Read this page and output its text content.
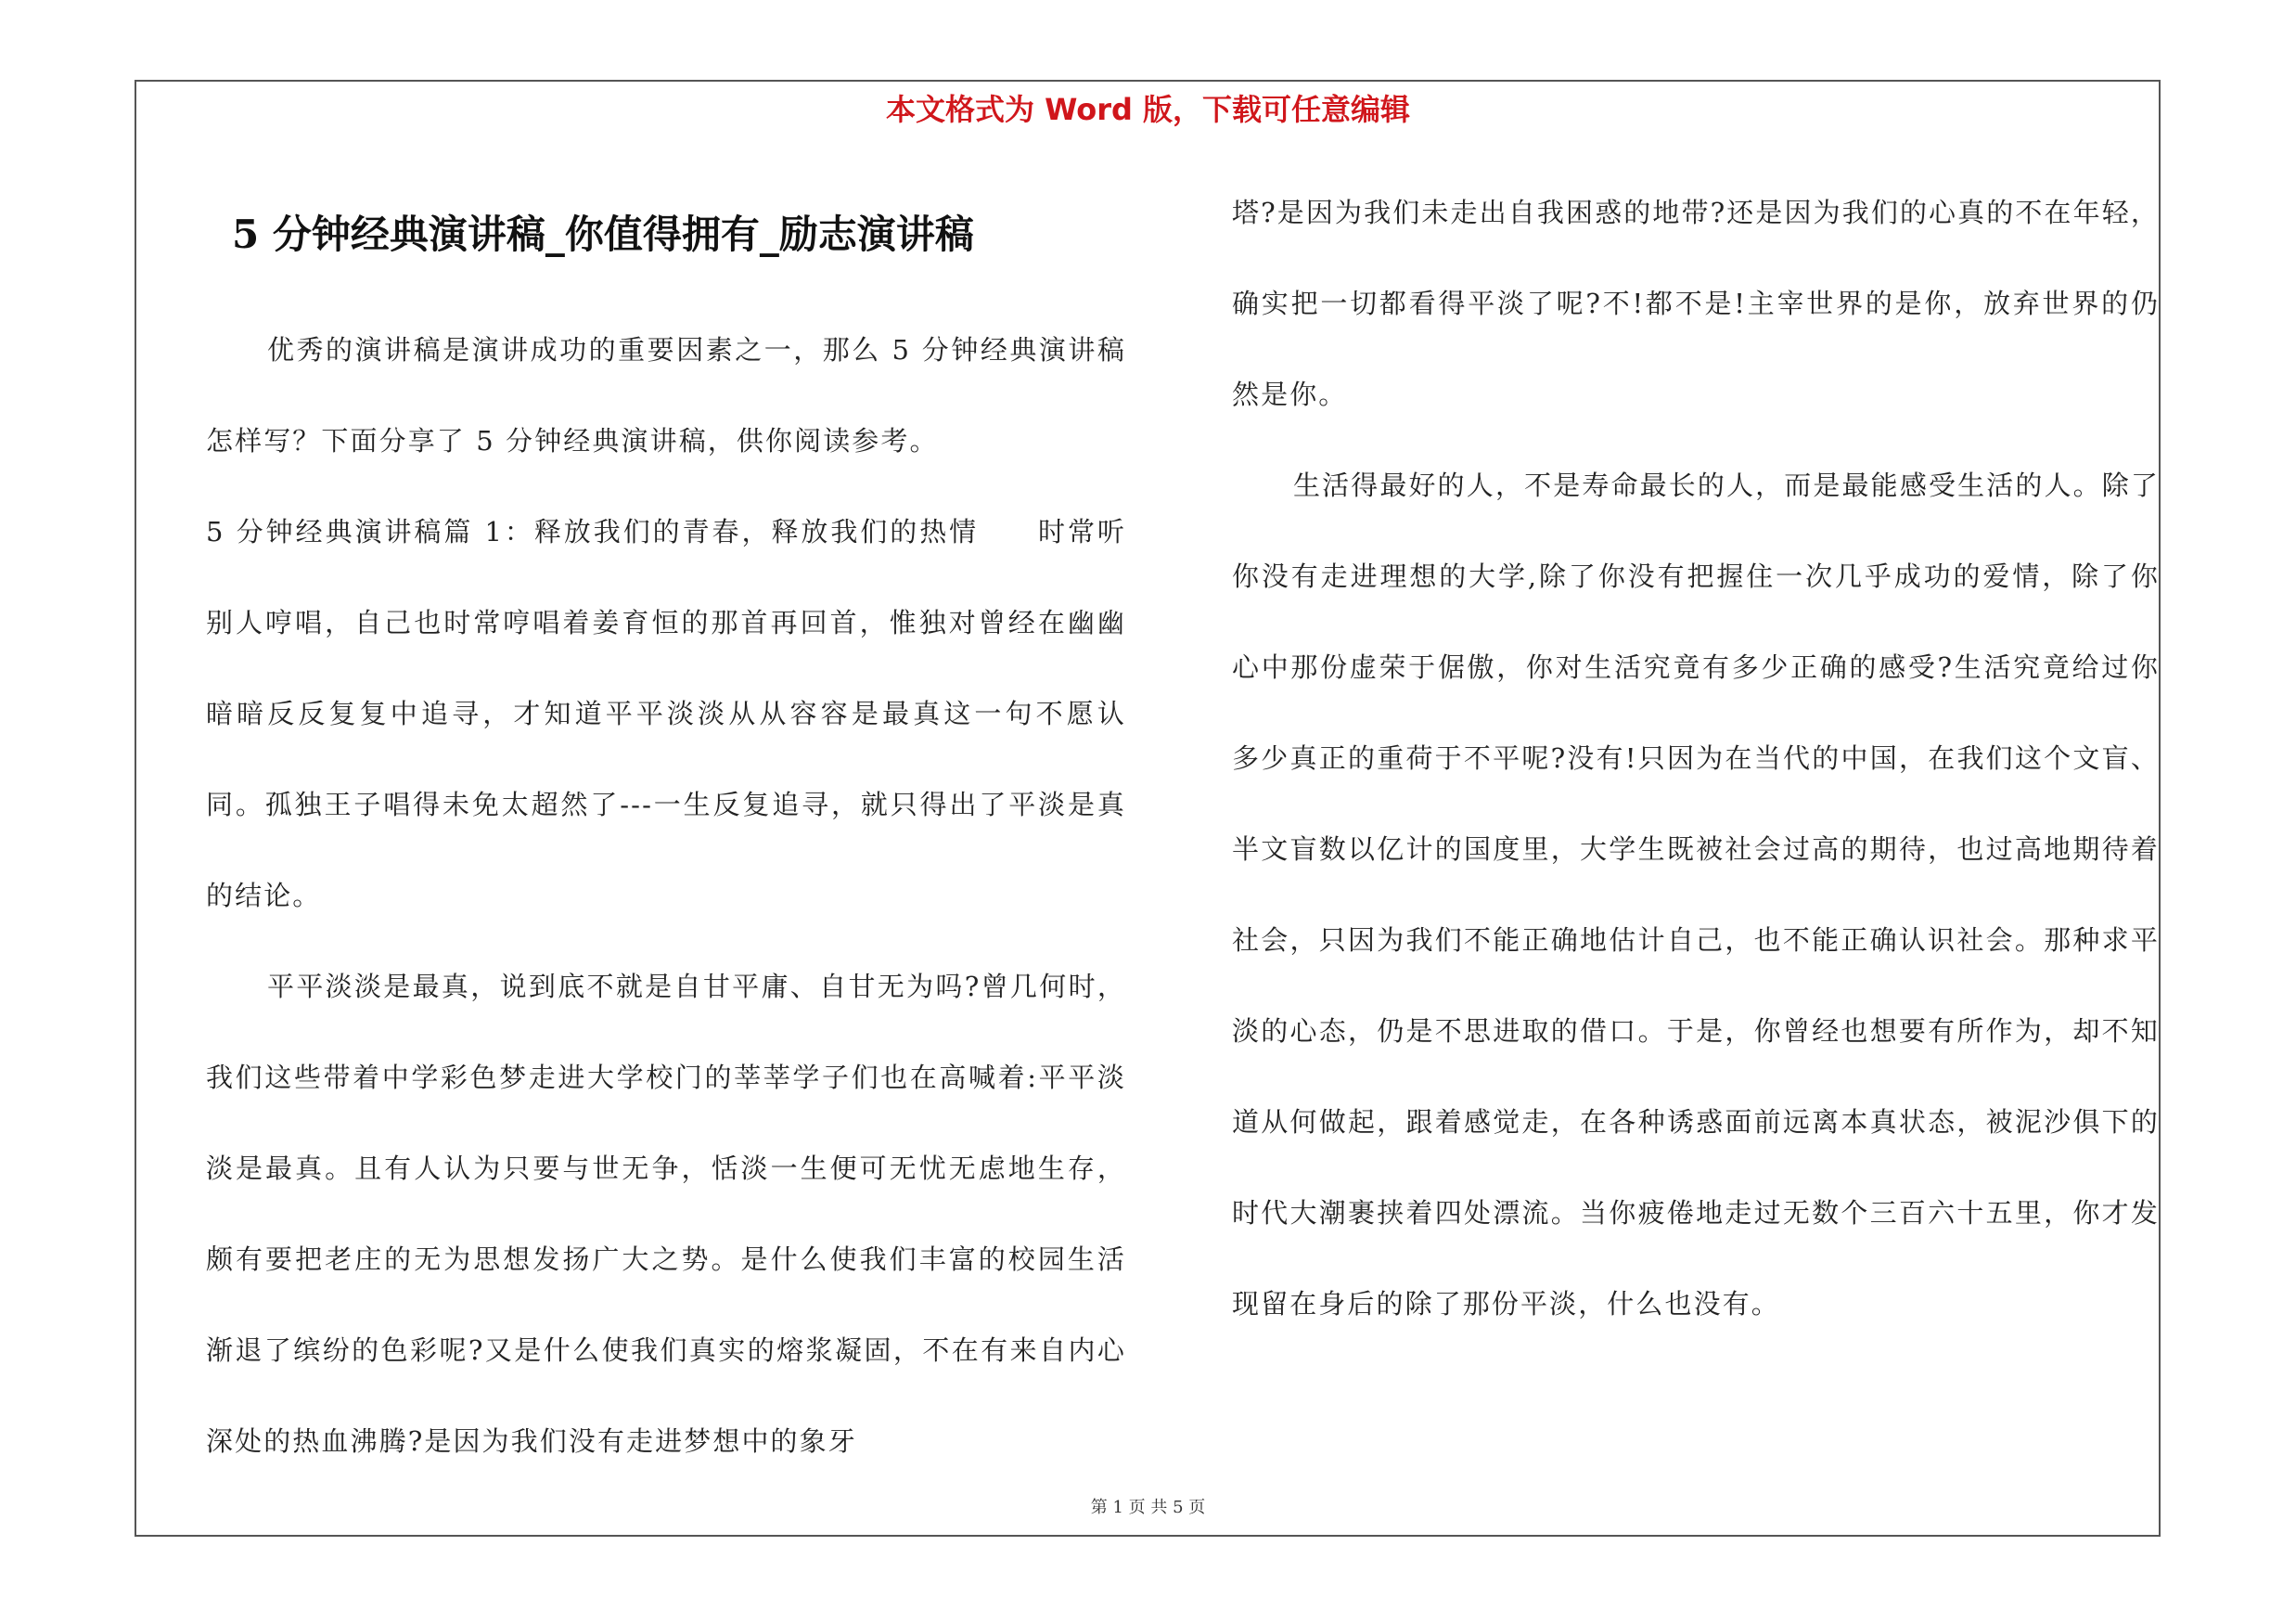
本文格式为 Word 版，下载可任意编辑
5 分钟经典演讲稿_你值得拥有_励志演讲稿

优秀的演讲稿是演讲成功的重要因素之一，那么 5 分钟经典演讲稿怎样写？下面分享了 5 分钟经典演讲稿，供你阅读参考。

5 分钟经典演讲稿篇 1：释放我们的青春，释放我们的热情　　时常听别人哼唱，自己也时常哼唱着姜育恒的那首再回首，惟独对曾经在幽幽暗暗反反复复中追寻，才知道平平淡淡从从容容是最真这一句不愿认同。孤独王子唱得未免太超然了---一生反复追寻，就只得出了平淡是真的结论。

平平淡淡是最真，说到底不就是自甘平庸、自甘无为吗?曾几何时，我们这些带着中学彩色梦走进大学校门的莘莘学子们也在高喊着:平平淡淡是最真。且有人认为只要与世无争，恬淡一生便可无忧无虑地生存，颇有要把老庄的无为思想发扬广大之势。是什么使我们丰富的校园生活渐退了缤纷的色彩呢?又是什么使我们真实的熔浆凝固，不在有来自内心深处的热血沸腾?是因为我们没有走进梦想中的象牙

塔?是因为我们未走出自我困惑的地带?还是因为我们的心真的不在年轻，确实把一切都看得平淡了呢?不!都不是!主宰世界的是你，放弃世界的仍然是你。

生活得最好的人，不是寿命最长的人，而是最能感受生活的人。除了你没有走进理想的大学,除了你没有把握住一次几乎成功的爱情，除了你心中那份虚荣于倨傲，你对生活究竟有多少正确的感受?生活究竟给过你多少真正的重荷于不平呢?没有!只因为在当代的中国，在我们这个文盲、半文盲数以亿计的国度里，大学生既被社会过高的期待，也过高地期待着社会，只因为我们不能正确地估计自己，也不能正确认识社会。那种求平淡的心态，仍是不思进取的借口。于是，你曾经也想要有所作为，却不知道从何做起，跟着感觉走，在各种诱惑面前远离本真状态，被泥沙俱下的时代大潮裹挟着四处漂流。当你疲倦地走过无数个三百六十五里，你才发现留在身后的除了那份平淡，什么也没有。

第 1 页 共 5 页
